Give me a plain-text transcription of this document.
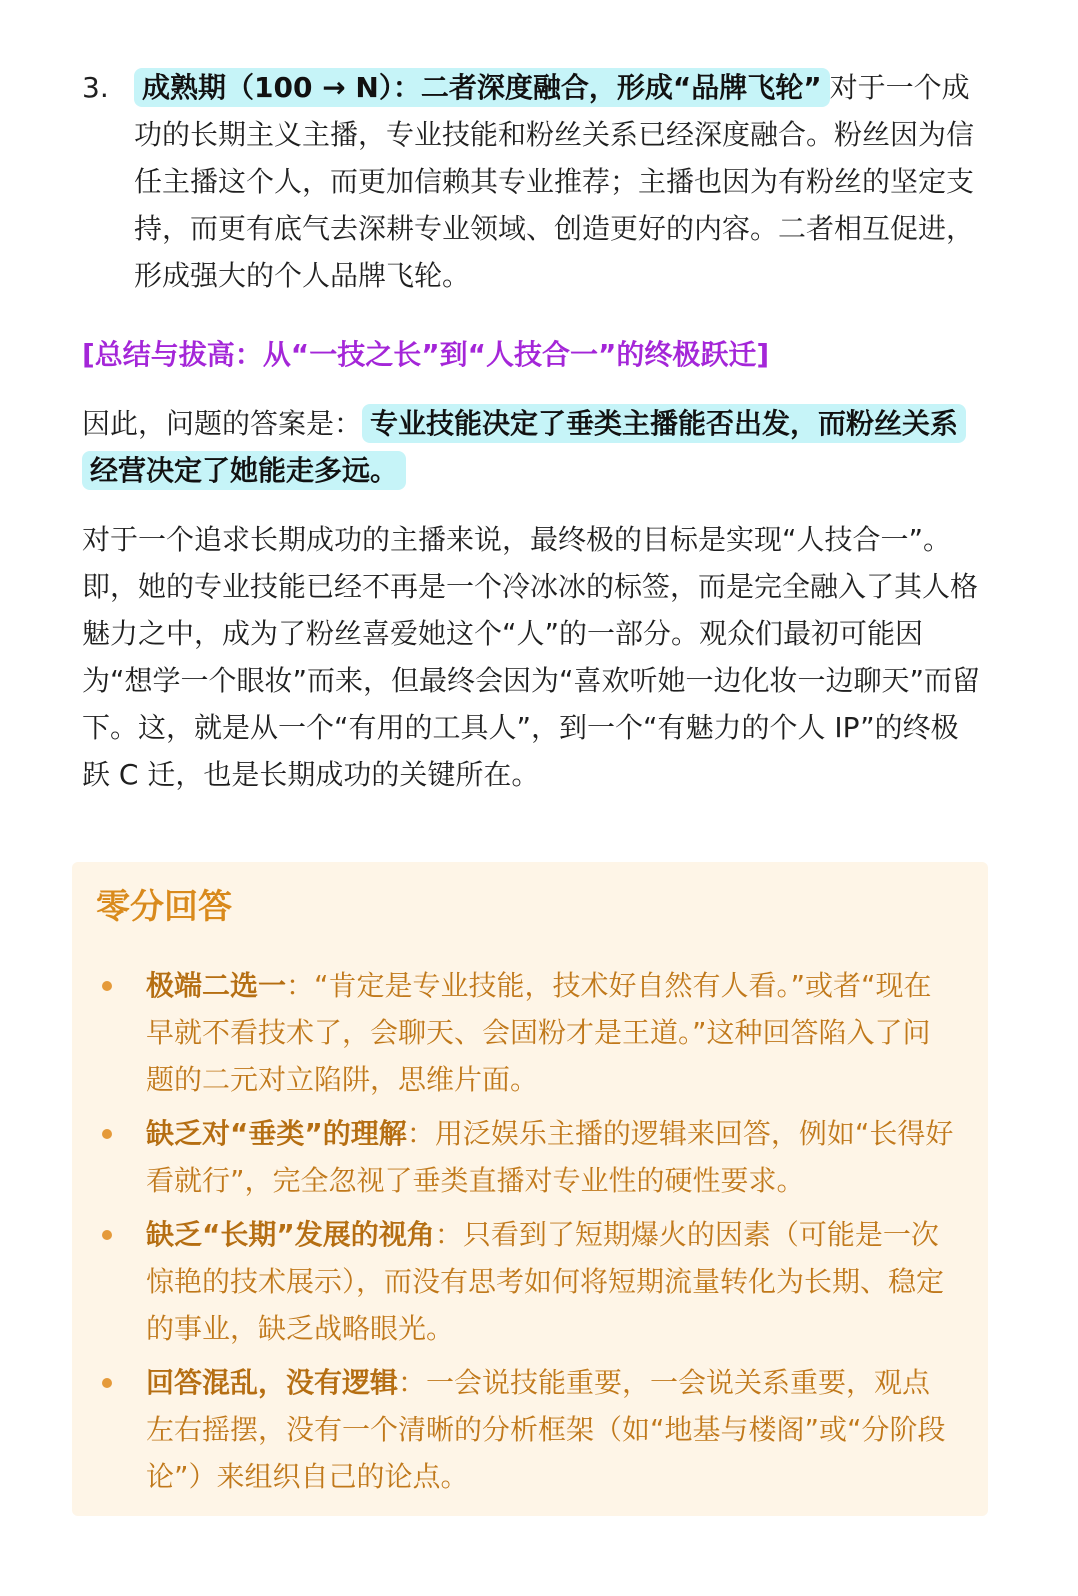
3.	成熟期（100 → N）：二者深度融合，形成“品牌飞轮” 对于一个成功的长期主义主播，专业技能和粉丝关系已经深度融合。粉丝因为信任主播这个人，而更加信赖其专业推荐；主播也因为有粉丝的坚定支持，而更有底气去深耕专业领域、创造更好的内容。二者相互促进，形成强大的个人品牌飞轮。
[总结与拔高：从“一技之长”到“人技合一”的终极跃迁]
因此，问题的答案是： 专业技能决定了垂类主播能否出发，而粉丝关系经营决定了她能走多远。
对于一个追求长期成功的主播来说，最终极的目标是实现“人技合一”。即，她的专业技能已经不再是一个冷冰冰的标签，而是完全融入了其人格魅力之中，成为了粉丝喜爱她这个“人”的一部分。观众们最初可能因为“想学一个眼妆”而来，但最终会因为“喜欢听她一边化妆一边聊天”而留下。这，就是从一个“有用的工具人”，到一个“有魅力的个人 IP”的终极跃 C 迁，也是长期成功的关键所在。
零分回答
极端二选一：“肯定是专业技能，技术好自然有人看。”或者“现在早就不看技术了，会聊天、会固粉才是王道。”这种回答陷入了问题的二元对立陷阱，思维片面。
缺乏对“垂类”的理解：用泛娱乐主播的逻辑来回答，例如“长得好看就行”，完全忽视了垂类直播对专业性的硬性要求。
缺乏“长期”发展的视角：只看到了短期爆火的因素（可能是一次惊艳的技术展示），而没有思考如何将短期流量转化为长期、稳定的事业，缺乏战略眼光。
回答混乱，没有逻辑：一会说技能重要，一会说关系重要，观点左右摇摆，没有一个清晰的分析框架（如“地基与楼阁”或“分阶段论”）来组织自己的论点。
